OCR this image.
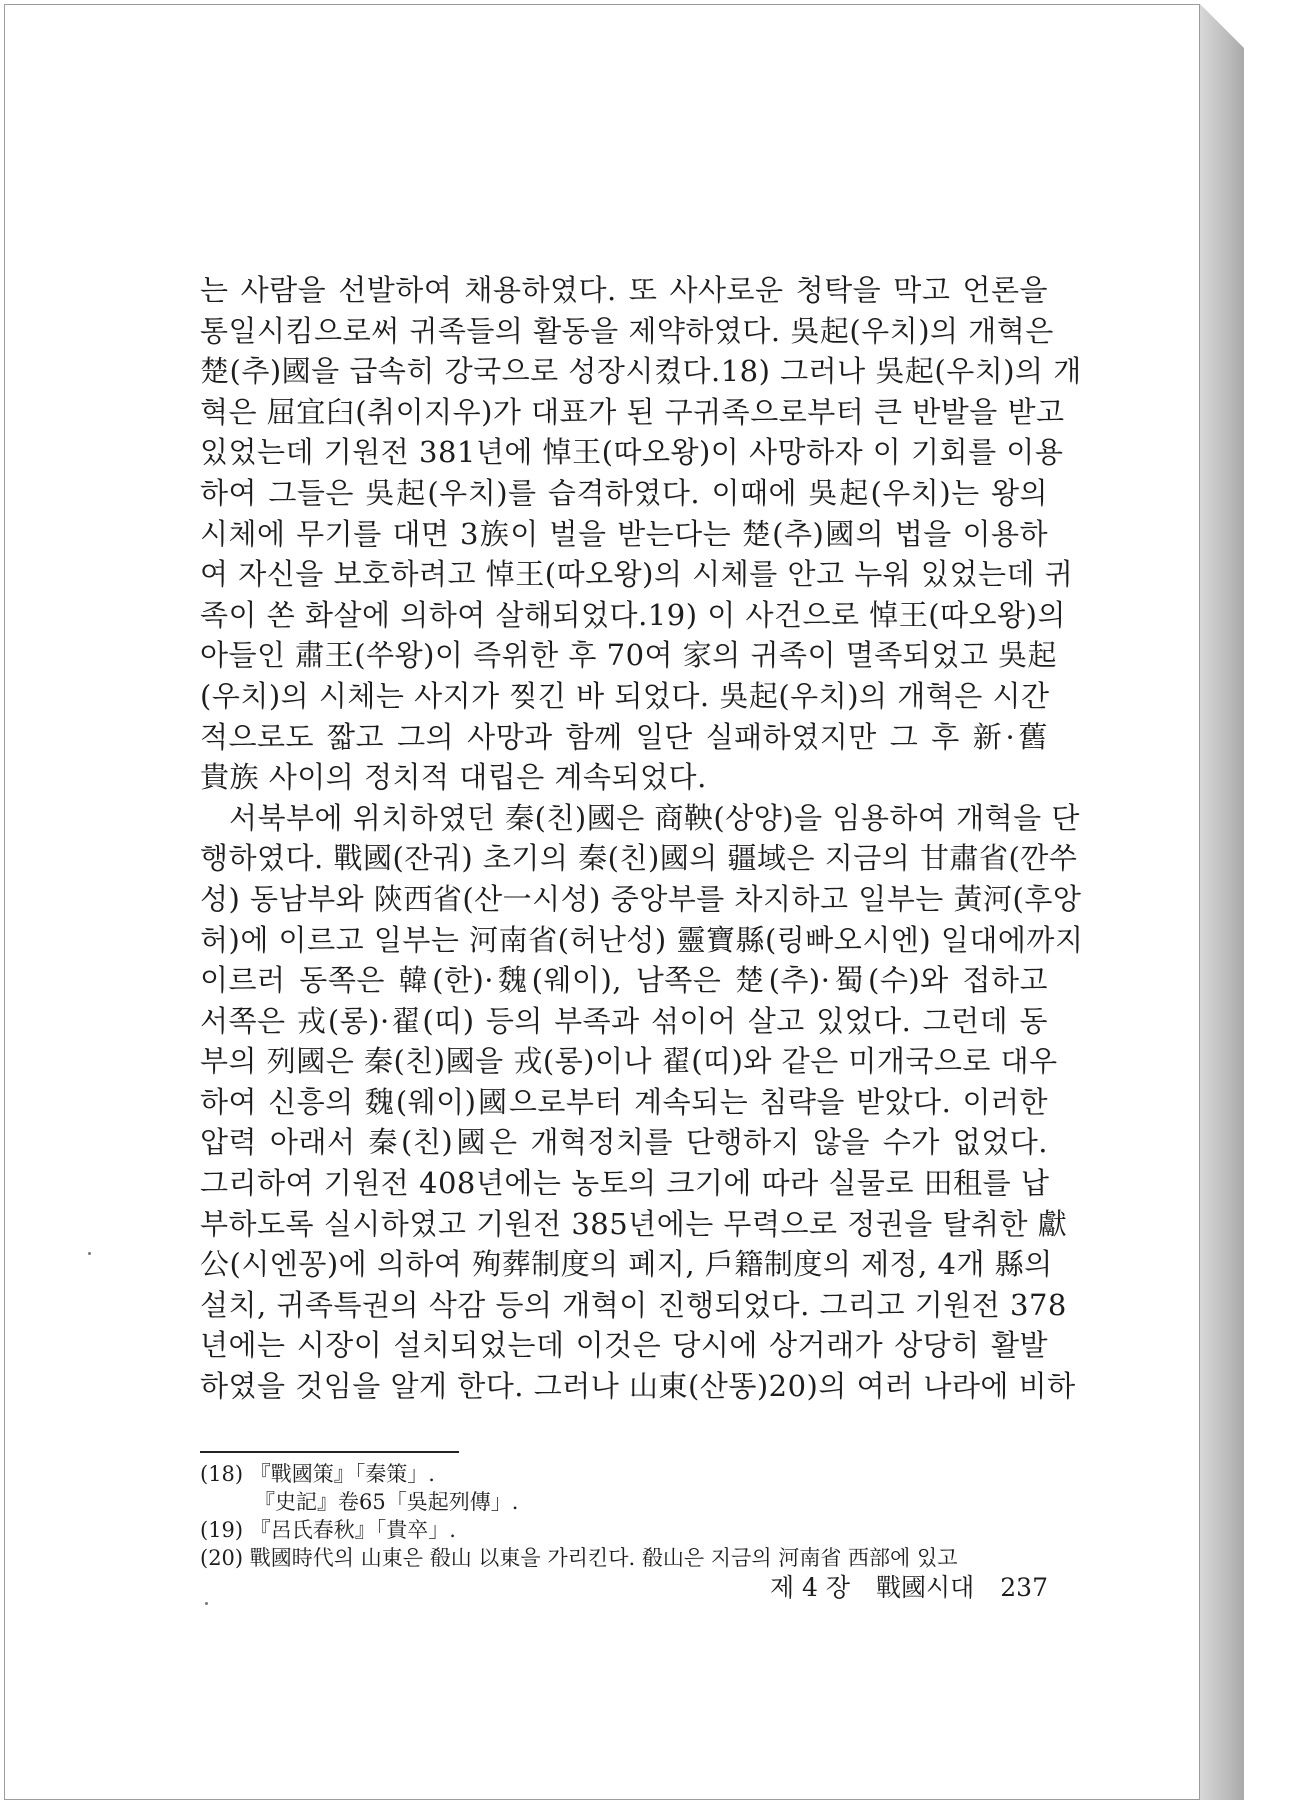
는 사람을 선발하여 채용하였다. 또 사사로운 청탁을 막고 언론을
통일시킴으로써 귀족들의 활동을 제약하였다. 吳起(우치)의 개혁은
楚(추)國을 급속히 강국으로 성장시켰다.18) 그러나 吳起(우치)의 개
혁은 屈宜臼(취이지우)가 대표가 된 구귀족으로부터 큰 반발을 받고
있었는데 기원전 381년에 悼王(따오왕)이 사망하자 이 기회를 이용
하여 그들은 吳起(우치)를 습격하였다. 이때에 吳起(우치)는 왕의
시체에 무기를 대면 3族이 벌을 받는다는 楚(추)國의 법을 이용하
여 자신을 보호하려고 悼王(따오왕)의 시체를 안고 누워 있었는데 귀
족이 쏜 화살에 의하여 살해되었다.19) 이 사건으로 悼王(따오왕)의
아들인 肅王(쑤왕)이 즉위한 후 70여 家의 귀족이 멸족되었고 吳起
(우치)의 시체는 사지가 찢긴 바 되었다. 吳起(우치)의 개혁은 시간
적으로도 짧고 그의 사망과 함께 일단 실패하였지만 그 후 新·舊
貴族 사이의 정치적 대립은 계속되었다.
서북부에 위치하였던 秦(친)國은 商鞅(상양)을 임용하여 개혁을 단
행하였다. 戰國(잔궈) 초기의 秦(친)國의 疆域은 지금의 甘肅省(깐쑤
성) 동남부와 陝西省(산一시성) 중앙부를 차지하고 일부는 黃河(후앙
허)에 이르고 일부는 河南省(허난성) 靈寶縣(링빠오시엔) 일대에까지
이르러 동쪽은 韓(한)·魏(웨이), 남쪽은 楚(추)·蜀(수)와 접하고
서쪽은 戎(롱)·翟(띠) 등의 부족과 섞이어 살고 있었다. 그런데 동
부의 列國은 秦(친)國을 戎(롱)이나 翟(띠)와 같은 미개국으로 대우
하여 신흥의 魏(웨이)國으로부터 계속되는 침략을 받았다. 이러한
압력 아래서 秦(친)國은 개혁정치를 단행하지 않을 수가 없었다.
그리하여 기원전 408년에는 농토의 크기에 따라 실물로 田租를 납
부하도록 실시하였고 기원전 385년에는 무력으로 정권을 탈취한 獻
公(시엔꽁)에 의하여 殉葬制度의 폐지, 戶籍制度의 제정, 4개 縣의
설치, 귀족특권의 삭감 등의 개혁이 진행되었다. 그리고 기원전 378
년에는 시장이 설치되었는데 이것은 당시에 상거래가 상당히 활발
하였을 것임을 알게 한다. 그러나 山東(산똥)20)의 여러 나라에 비하
(18) 『戰國策』「秦策」.
『史記』卷65「吳起列傳」.
(19) 『呂氏春秋』「貴卒」.
(20) 戰國時代의 山東은 殽山 以東을 가리킨다. 殽山은 지금의 河南省 西部에 있고
제 4 장 戰國시대 237
